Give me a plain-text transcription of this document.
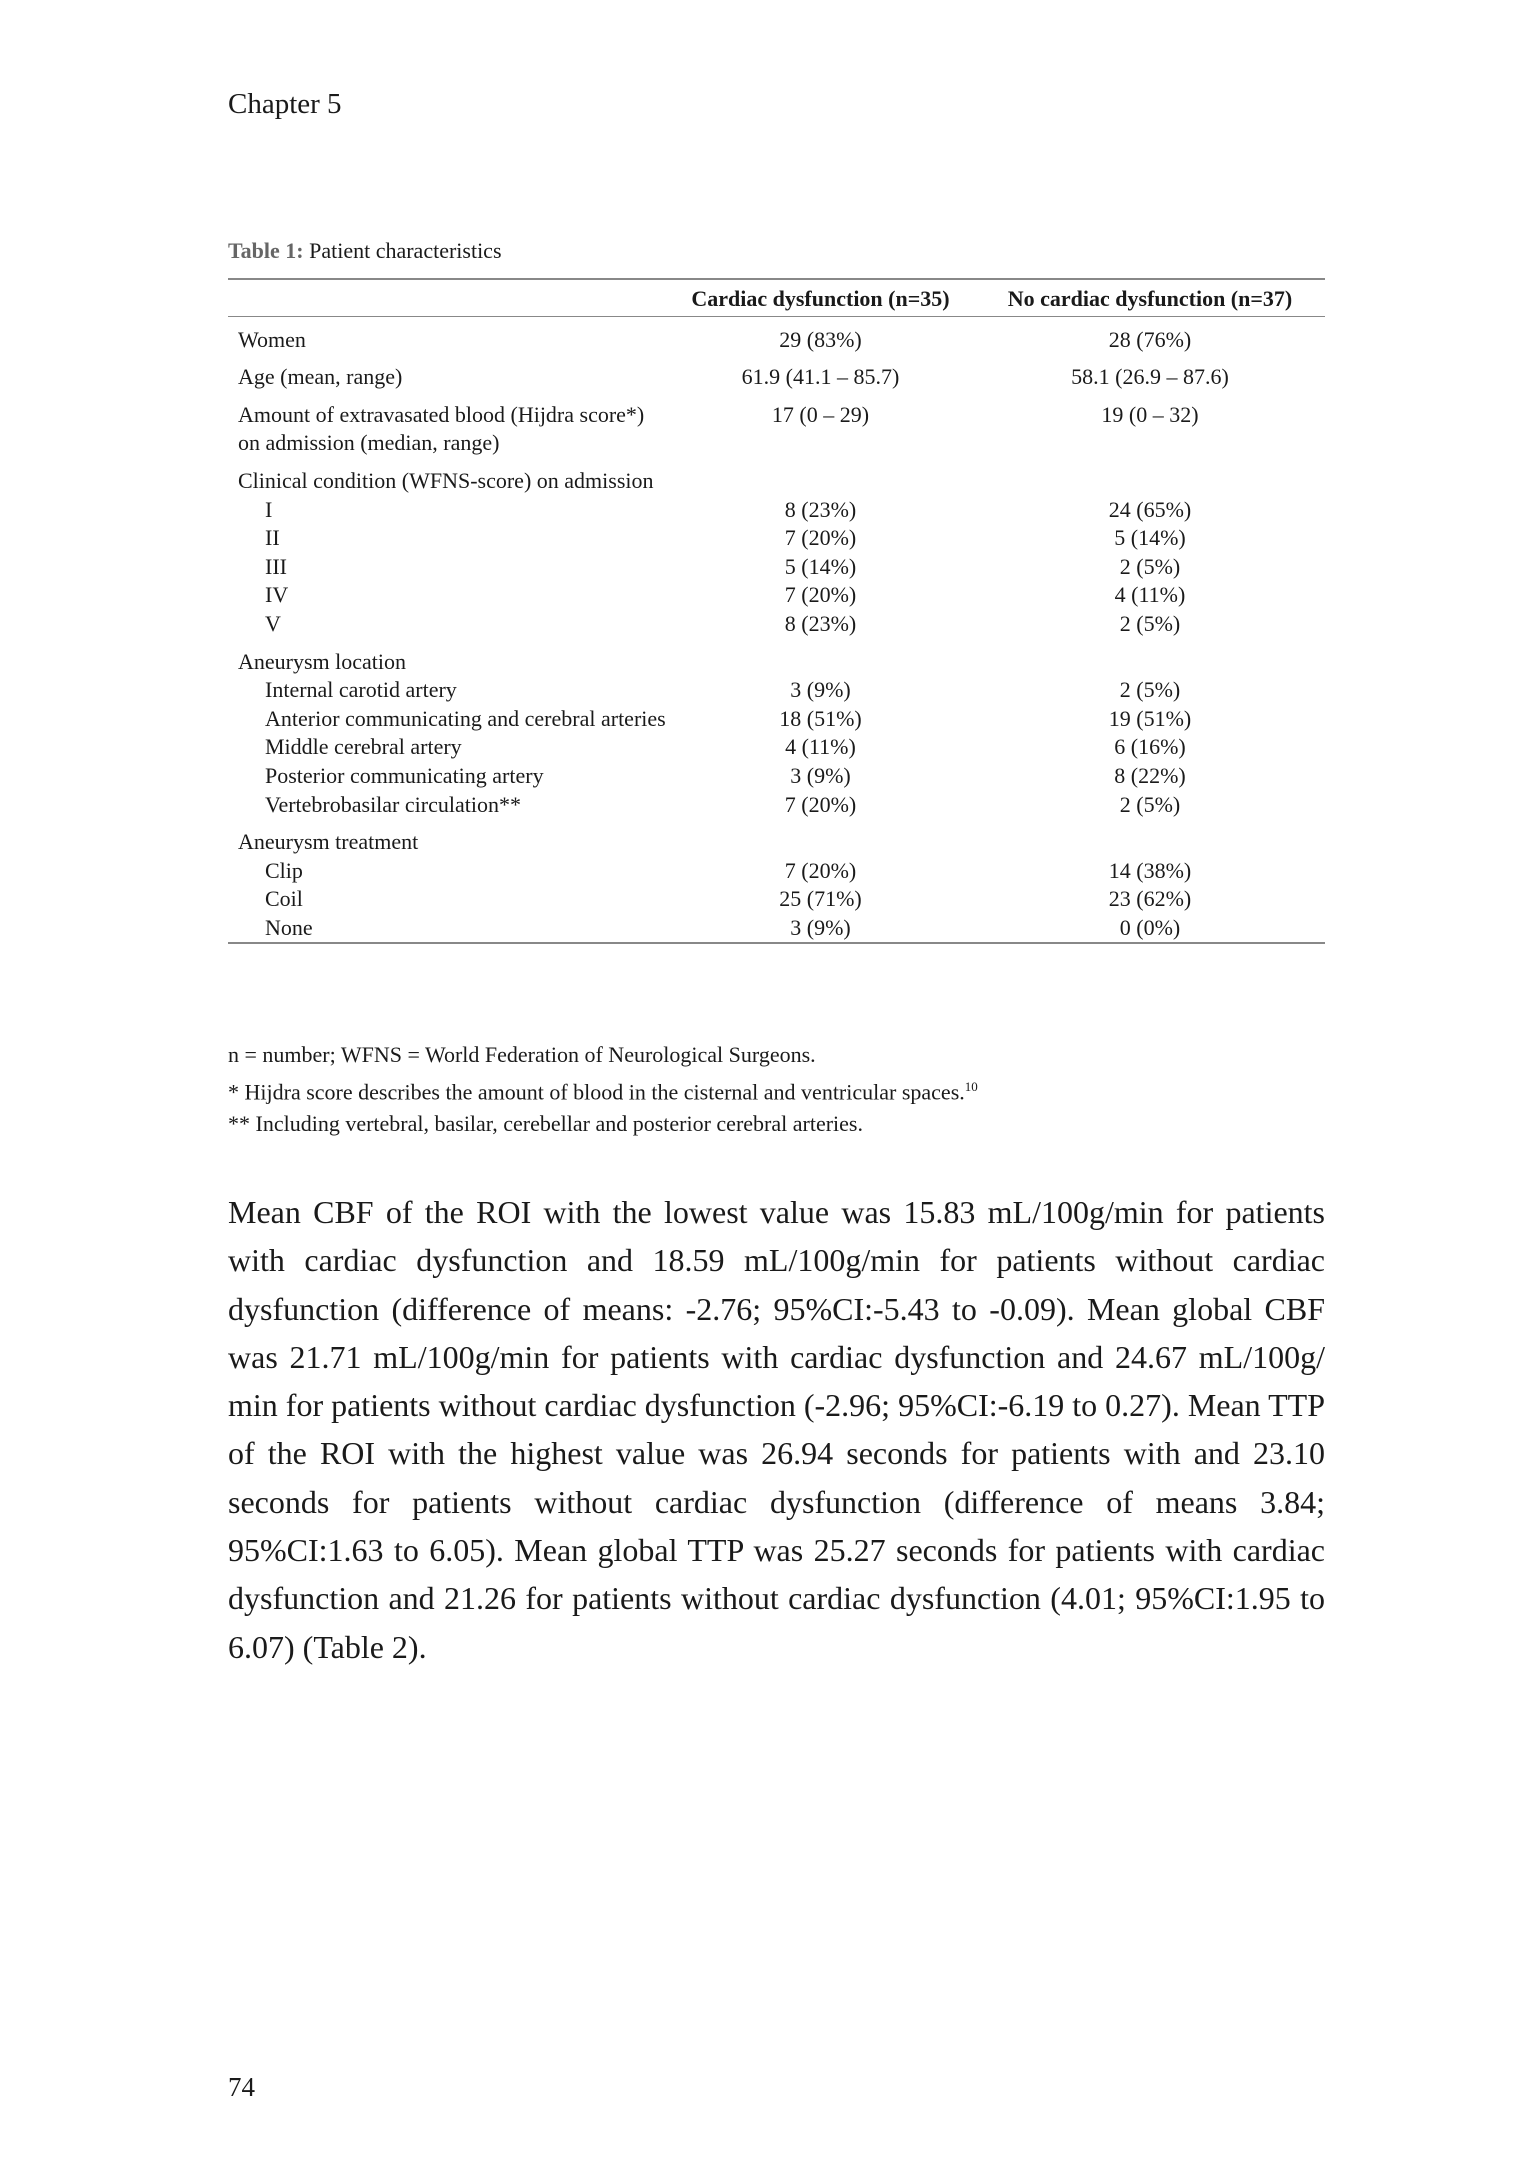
Chapter 5
Table 1: Patient characteristics
	Cardiac dysfunction (n=35)	No cardiac dysfunction (n=37)
Women	29 (83%)	28 (76%)
Age (mean, range)	61.9 (41.1 – 85.7)	58.1 (26.9 – 87.6)
Amount of extravasated blood (Hijdra score*) on admission (median, range)	17 (0 – 29)	19 (0 – 32)
Clinical condition (WFNS-score) on admission		
I	8 (23%)	24 (65%)
II	7 (20%)	5 (14%)
III	5 (14%)	2 (5%)
IV	7 (20%)	4 (11%)
V	8 (23%)	2 (5%)
Aneurysm location		
Internal carotid artery	3 (9%)	2 (5%)
Anterior communicating and cerebral arteries	18 (51%)	19 (51%)
Middle cerebral artery	4 (11%)	6 (16%)
Posterior communicating artery	3 (9%)	8 (22%)
Vertebrobasilar circulation**	7 (20%)	2 (5%)
Aneurysm treatment		
Clip	7 (20%)	14 (38%)
Coil	25 (71%)	23 (62%)
None	3 (9%)	0 (0%)
n = number; WFNS = World Federation of Neurological Surgeons.
* Hijdra score describes the amount of blood in the cisternal and ventricular spaces.$^{10}$
** Including vertebral, basilar, cerebellar and posterior cerebral arteries.

Mean CBF of the ROI with the lowest value was 15.83 mL/100g/min for patients with cardiac dysfunction and 18.59 mL/100g/min for patients without cardiac dysfunction (difference of means: -2.76; 95%CI:-5.43 to -0.09). Mean global CBF was 21.71 mL/100g/min for patients with cardiac dysfunction and 24.67 mL/100g/ min for patients without cardiac dysfunction (-2.96; 95%CI:-6.19 to 0.27). Mean TTP of the ROI with the highest value was 26.94 seconds for patients with and 23.10 seconds for patients without cardiac dysfunction (difference of means 3.84; 95%CI:1.63 to 6.05). Mean global TTP was 25.27 seconds for patients with cardiac dysfunction and 21.26 for patients without cardiac dysfunction (4.01; 95%CI:1.95 to 6.07) (Table 2).

74
